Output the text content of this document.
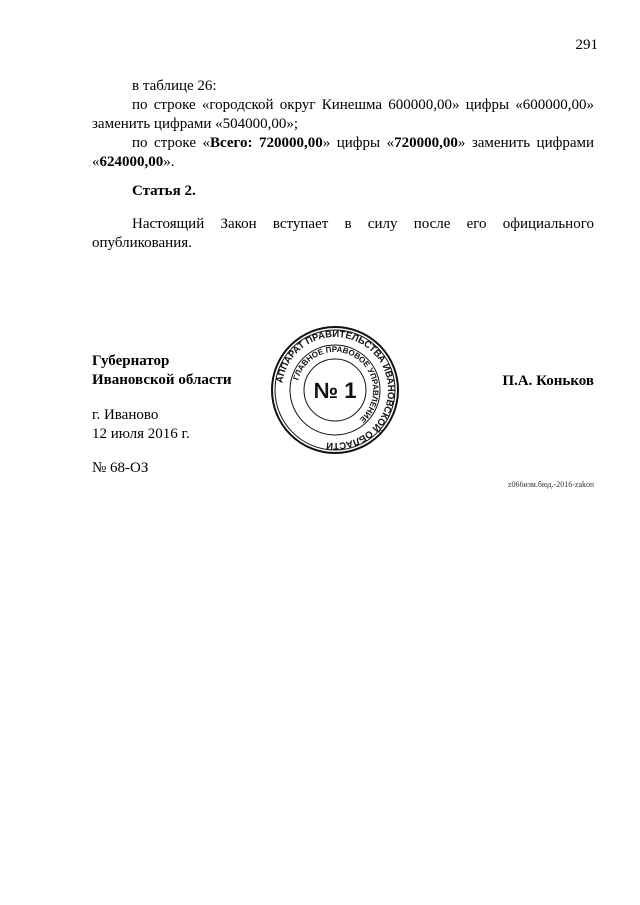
291

в таблице 26:

по строке «городской округ Кинешма 600000,00» цифры «600000,00» заменить цифрами «504000,00»;

по строке «Всего: 720000,00» цифры «720000,00» заменить цифрами «624000,00».

Статья 2.

Настоящий Закон вступает в силу после его официального опубликования.

Губернатор
Ивановской области	П.А. Коньков
г. Иваново
12 июля 2016 г.
№ 68-ОЗ
z066изм.бюд.-2016-zakon
АППАРАТ ПРАВИТЕЛЬСТВА ИВАНОВСКОЙ ОБЛАСТИ
ГЛАВНОЕ ПРАВОВОЕ УПРАВЛЕНИЕ
№ 1
